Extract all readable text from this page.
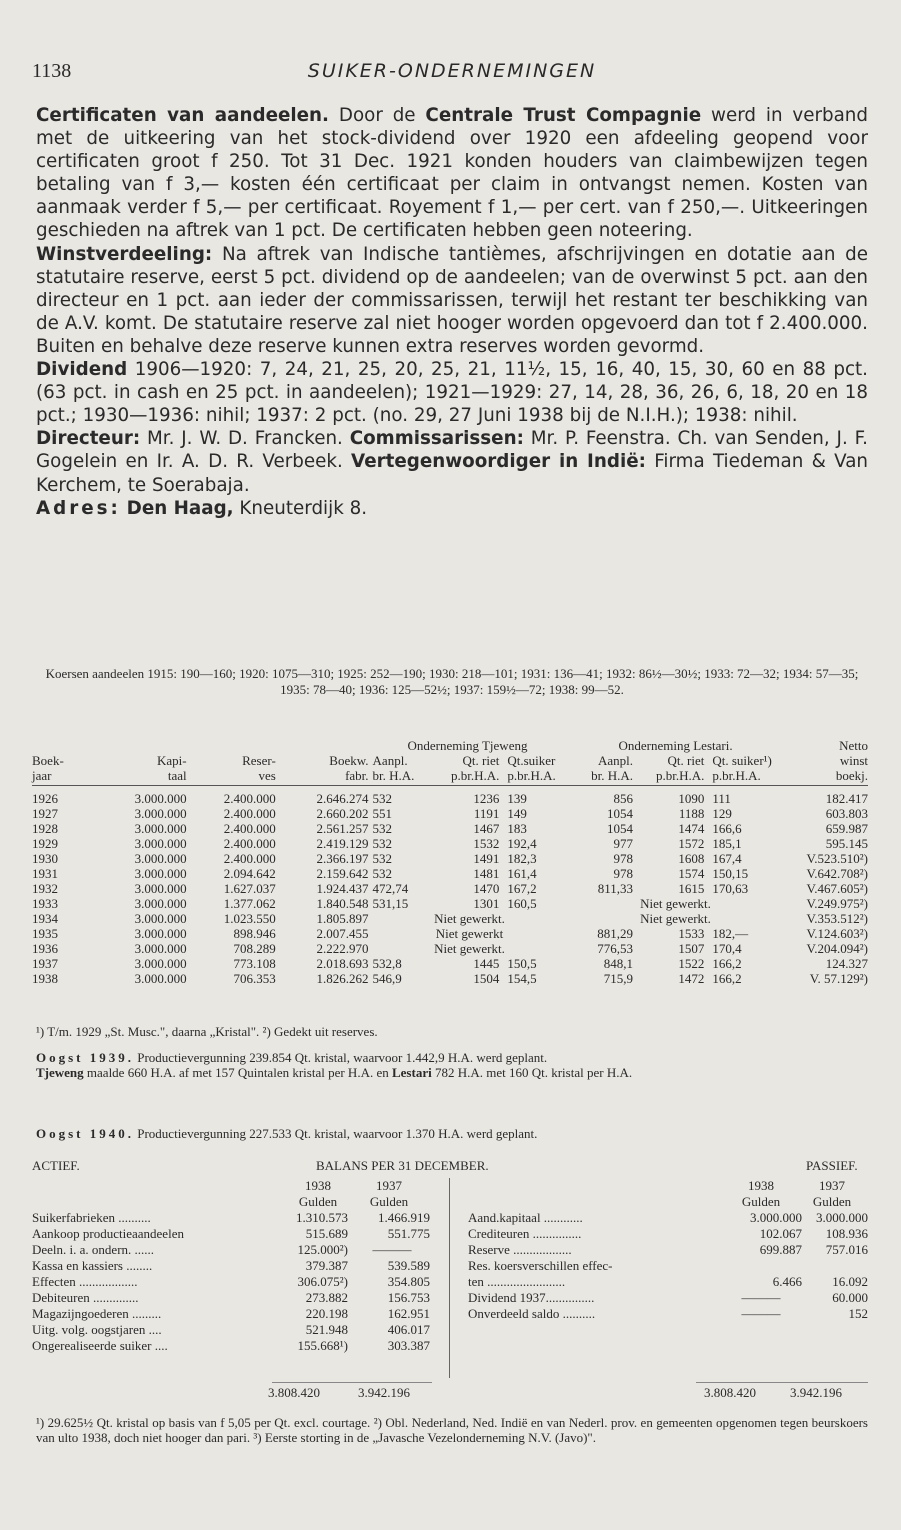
1138	SUIKER-ONDERNEMINGEN

Certificaten van aandeelen. Door de Centrale Trust Compagnie werd in verband met de uitkeering van het stock-dividend over 1920 een afdeeling geopend voor certificaten groot f 250. Tot 31 Dec. 1921 konden houders van claimbewijzen tegen betaling van f 3,— kosten één certificaat per claim in ontvangst nemen. Kosten van aanmaak verder f 5,— per certificaat. Royement f 1,— per cert. van f 250,—. Uitkeeringen geschieden na aftrek van 1 pct. De certificaten hebben geen noteering.

Winstverdeeling: Na aftrek van Indische tantièmes, afschrijvingen en dotatie aan de statutaire reserve, eerst 5 pct. dividend op de aandeelen; van de overwinst 5 pct. aan den directeur en 1 pct. aan ieder der commissarissen, terwijl het restant ter beschikking van de A.V. komt. De statutaire reserve zal niet hooger worden opgevoerd dan tot f 2.400.000. Buiten en behalve deze reserve kunnen extra reserves worden gevormd.

Dividend 1906—1920: 7, 24, 21, 25, 20, 25, 21, 11½, 15, 16, 40, 15, 30, 60 en 88 pct. (63 pct. in cash en 25 pct. in aandeelen); 1921—1929: 27, 14, 28, 36, 26, 6, 18, 20 en 18 pct.; 1930—1936: nihil; 1937: 2 pct. (no. 29, 27 Juni 1938 bij de N.I.H.); 1938: nihil.

Directeur: Mr. J. W. D. Francken. Commissarissen: Mr. P. Feenstra. Ch. van Senden, J. F. Gogelein en Ir. A. D. R. Verbeek. Vertegenwoordiger in Indië: Firma Tiedeman & Van Kerchem, te Soerabaja.

Adres: Den Haag, Kneuterdijk 8.

Koersen aandeelen 1915: 190—160; 1920: 1075—310; 1925: 252—190; 1930: 218—101; 1931: 136—41; 1932: 86½—30½; 1933: 72—32; 1934: 57—35; 1935: 78—40; 1936: 125—52½; 1937: 159½—72; 1938: 99—52.
				Onderneming Tjeweng			Onderneming Lestari.			Netto
Boek-	Kapi-	Reser-	Boekw.	Aanpl.	Qt. riet	Qt.suiker	Aanpl.	Qt. riet	Qt. suiker¹)	winst
jaar	taal	ves	fabr.	br. H.A.	p.br.H.A.	p.br.H.A.	br. H.A.	p.br.H.A.	p.br.H.A.	boekj.
1926	3.000.000	2.400.000	2.646.274	532	1236	139	856	1090	111	182.417
1927	3.000.000	2.400.000	2.660.202	551	1191	149	1054	1188	129	603.803
1928	3.000.000	2.400.000	2.561.257	532	1467	183	1054	1474	166,6	659.987
1929	3.000.000	2.400.000	2.419.129	532	1532	192,4	977	1572	185,1	595.145
1930	3.000.000	2.400.000	2.366.197	532	1491	182,3	978	1608	167,4	V.523.510²)
1931	3.000.000	2.094.642	2.159.642	532	1481	161,4	978	1574	150,15	V.642.708²)
1932	3.000.000	1.627.037	1.924.437	472,74	1470	167,2	811,33	1615	170,63	V.467.605²)
1933	3.000.000	1.377.062	1.840.548	531,15	1301	160,5	Niet gewerkt.			V.249.975²)
1934	3.000.000	1.023.550	1.805.897	Niet gewerkt.			Niet gewerkt.			V.353.512²)
1935	3.000.000	898.946	2.007.455	Niet gewerkt			881,29	1533	182,—	V.124.603²)
1936	3.000.000	708.289	2.222.970	Niet gewerkt.			776,53	1507	170,4	V.204.094²)
1937	3.000.000	773.108	2.018.693	532,8	1445	150,5	848,1	1522	166,2	124.327
1938	3.000.000	706.353	1.826.262	546,9	1504	154,5	715,9	1472	166,2	V. 57.129²)
¹) T/m. 1929 „St. Musc.", daarna „Kristal". ²) Gedekt uit reserves.
Oogst 1939. Productievergunning 239.854 Qt. kristal, waarvoor 1.442,9 H.A. werd geplant.
Tjeweng maalde 660 H.A. af met 157 Quintalen kristal per H.A. en Lestari 782 H.A. met 160 Qt. kristal per H.A.
Oogst 1940. Productievergunning 227.533 Qt. kristal, waarvoor 1.370 H.A. werd geplant.
ACTIEF.	BALANS PER 31 DECEMBER.	PASSIEF.
1938	1937
Gulden	Gulden
Suikerfabrieken ..........	1.310.573	1.466.919
Aankoop productieaandeelen	515.689	551.775
Deeln. i. a. ondern. ......	125.000²)	———
Kassa en kassiers ........	379.387	539.589
Effecten ..................	306.075²)	354.805
Debiteuren ..............	273.882	156.753
Magazijngoederen .........	220.198	162.951
Uitg. volg. oogstjaren ....	521.948	406.017
Ongerealiseerde suiker ....	155.668¹)	303.387
1938	1937
Gulden	Gulden
Aand.kapitaal ............	3.000.000	3.000.000
Crediteuren ...............	102.067	108.936
Reserve ..................	699.887	757.016
Res. koersverschillen effec-
ten ........................	6.466	16.092
Dividend 1937...............	———	60.000
Onverdeeld saldo ..........	———	152
3.808.420	3.942.196	3.808.420	3.942.196
¹) 29.625½ Qt. kristal op basis van f 5,05 per Qt. excl. courtage. ²) Obl. Nederland, Ned. Indië en van Nederl. prov. en gemeenten opgenomen tegen beurskoers van ulto 1938, doch niet hooger dan pari. ³) Eerste storting in de „Javasche Vezelonderneming N.V. (Javo)".
